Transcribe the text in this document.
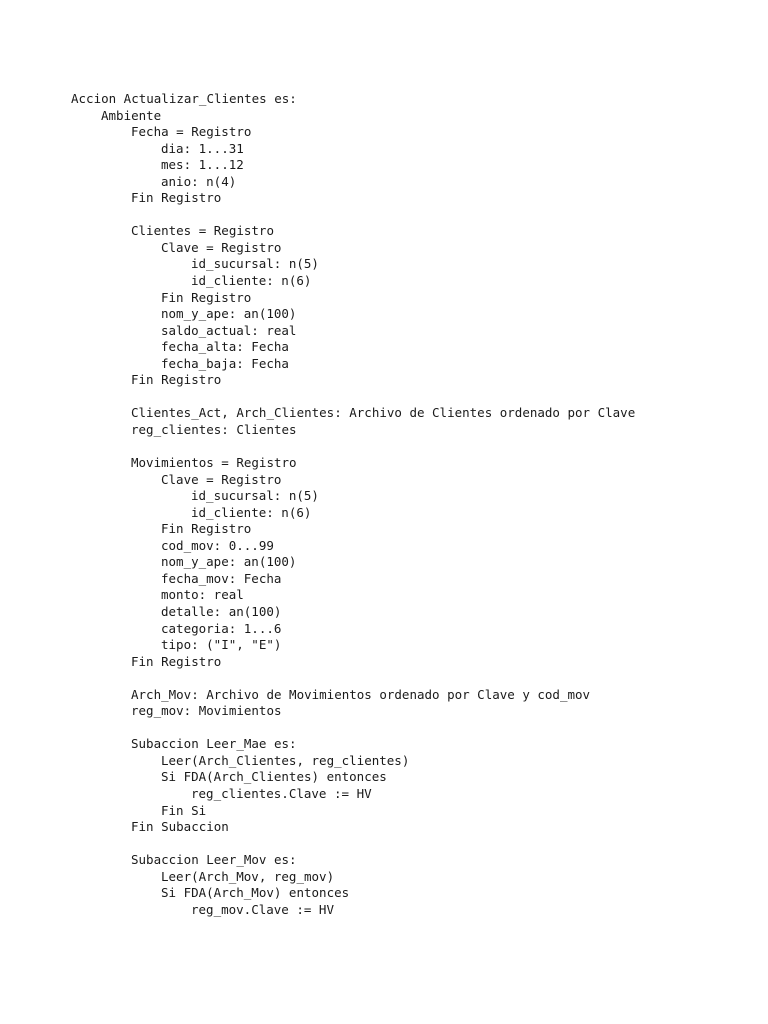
Accion Actualizar_Clientes es:
Ambiente
Fecha = Registro
dia: 1...31
mes: 1...12
anio: n(4)
Fin Registro
Clientes = Registro
Clave = Registro
id_sucursal: n(5)
id_cliente: n(6)
Fin Registro
nom_y_ape: an(100)
saldo_actual: real
fecha_alta: Fecha
fecha_baja: Fecha
Fin Registro
Clientes_Act, Arch_Clientes: Archivo de Clientes ordenado por Clave
reg_clientes: Clientes
Movimientos = Registro
Clave = Registro
id_sucursal: n(5)
id_cliente: n(6)
Fin Registro
cod_mov: 0...99
nom_y_ape: an(100)
fecha_mov: Fecha
monto: real
detalle: an(100)
categoria: 1...6
tipo: ("I", "E")
Fin Registro
Arch_Mov: Archivo de Movimientos ordenado por Clave y cod_mov
reg_mov: Movimientos
Subaccion Leer_Mae es:
Leer(Arch_Clientes, reg_clientes)
Si FDA(Arch_Clientes) entonces
reg_clientes.Clave := HV
Fin Si
Fin Subaccion
Subaccion Leer_Mov es:
Leer(Arch_Mov, reg_mov)
Si FDA(Arch_Mov) entonces
reg_mov.Clave := HV
